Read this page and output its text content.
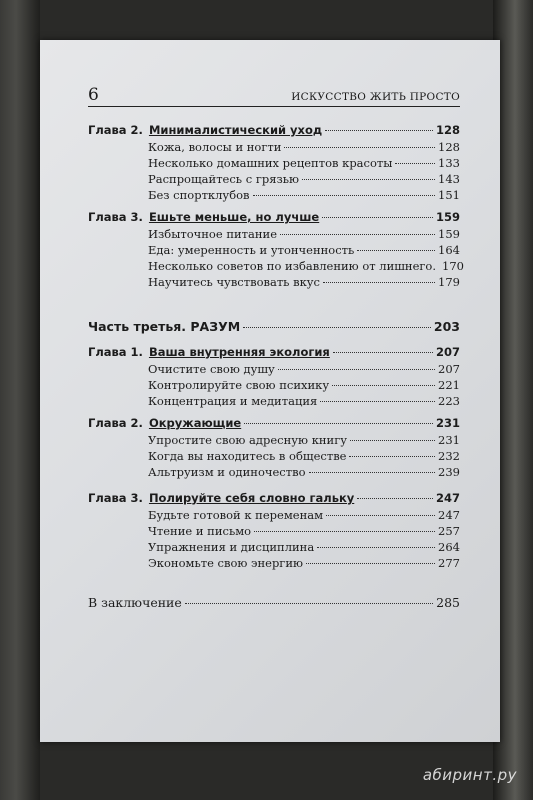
6	ИСКУССТВО ЖИТЬ ПРОСТО
Глава 2. Минималистический уход	128
Кожа, волосы и ногти	128
Несколько домашних рецептов красоты	133
Распрощайтесь с грязью	143
Без спортклубов	151
Глава 3. Ешьте меньше, но лучше	159
Избыточное питание	159
Еда: умеренность и утонченность	164
Несколько советов по избавлению от лишнего. 170
Научитесь чувствовать вкус	179
Часть третья. РАЗУМ	203
Глава 1. Ваша внутренняя экология	207
Очистите свою душу	207
Контролируйте свою психику	221
Концентрация и медитация	223
Глава 2. Окружающие	231
Упростите свою адресную книгу	231
Когда вы находитесь в обществе	232
Альтруизм и одиночество	239
Глава 3. Полируйте себя словно гальку	247
Будьте готовой к переменам	247
Чтение и письмо	257
Упражнения и дисциплина	264
Экономьте свою энергию	277
В заключение	285
абиринт.ру
